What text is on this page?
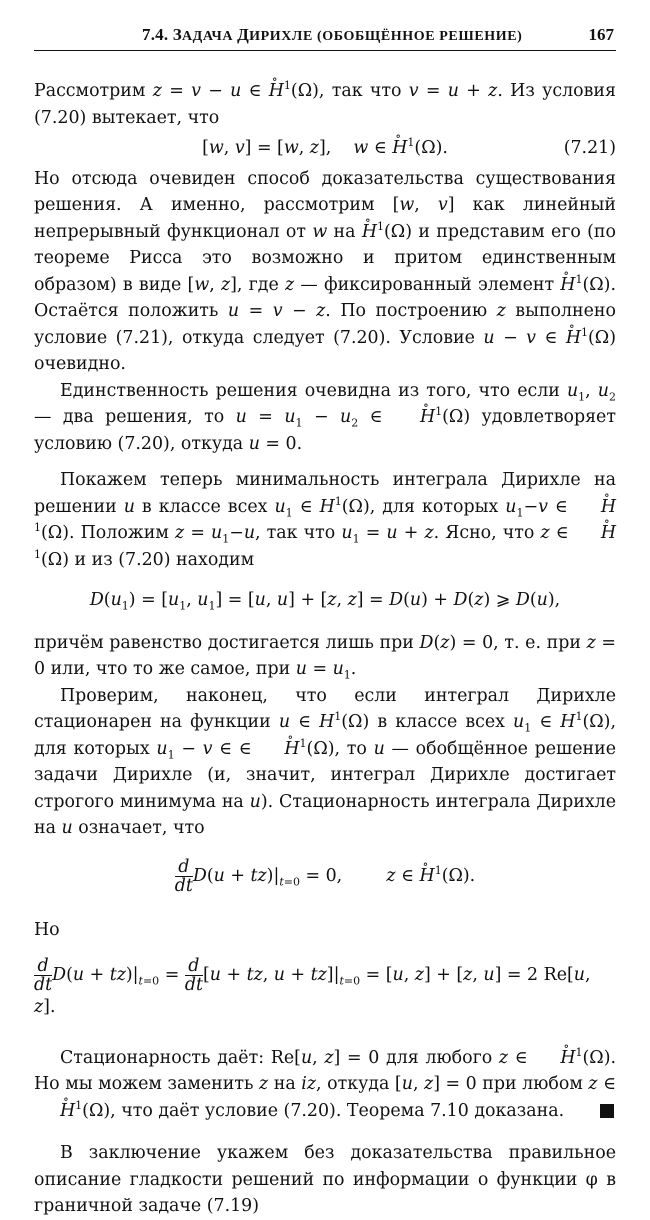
7.4. ЗАДАЧА ДИРИХЛЕ (ОБОБЩЁННОЕ РЕШЕНИЕ)	167

Рассмотрим z = v − u ∈ ∘ $H^1(\Omega)$, так что v = u + z. Из условия (7.20) вытекает, что

[w, v] = [w, z],    w ∈ ∘ $H^1(\Omega)$.	(7.21)

Но отсюда очевиден способ доказательства существования решения. А именно, рассмотрим [w, v] как линейный непрерывный функционал от w на ∘ $H^1(\Omega)$ и представим его (по теореме Рисса это возможно и притом единственным образом) в виде [w, z], где z — фиксированный элемент ∘ $H^1(\Omega)$. Остаётся положить u = v − z. По построению z выполнено условие (7.21), откуда следует (7.20). Условие u − v ∈ ∘ $H^1(\Omega)$ очевидно.

Единственность решения очевидна из того, что если $u_1$, $u_2$ — два решения, то $u = u_1 - u_2$ ∈ ∘ $H^1(\Omega)$ удовлетворяет условию (7.20), откуда u = 0.

Покажем теперь минимальность интеграла Дирихле на решении u в классе всех $u_1$ ∈ $H^1(\Omega)$, для которых $u_1-v$ ∈ ∘ $H^1(\Omega)$. Положим $z = u_1-u$, так что $u_1 = u + z$. Ясно, что z ∈ ∘ $H^1(\Omega)$ и из (7.20) находим

$D(u_1) = [u_1$, $u_1] = [u$, u] + [z, z] = D(u) + D(z) ⩾ D(u),

причём равенство достигается лишь при D(z) = 0, т. е. при z = 0 или, что то же самое, при $u = u_1$.

Проверим, наконец, что если интеграл Дирихле стационарен на функции u ∈ $H^1(\Omega)$ в классе всех $u_1$ ∈ $H^1(\Omega)$, для которых $u_1 - v$ ∈ ∈ ∘ $H^1(\Omega)$, то u — обобщённое решение задачи Дирихле (и, значит, интеграл Дирихле достигает строгого минимума на u). Стационарность интеграла Дирихле на u означает, что

$\frac{d}{dt} D(u + tz)|_{t=0} = 0$,        z ∈ ∘ $H^1(\Omega)$.

Но

$\frac{d}{dt} D(u + tz)|_{t=0} = \frac{d}{dt} [u$ + tz, $u + tz]|_{t=0} = [u$, z] + [z, u] = 2 Re[u, z].

Стационарность даёт: Re[u, z] = 0 для любого z ∈ ∘ $H^1(\Omega)$. Но мы можем заменить z на iz, откуда [u, z] = 0 при любом z ∈ ∘ $H^1(\Omega)$, что даёт условие (7.20). Теорема 7.10 доказана.

В заключение укажем без доказательства правильное описание гладкости решений по информации о функции φ в граничной задаче (7.19)
